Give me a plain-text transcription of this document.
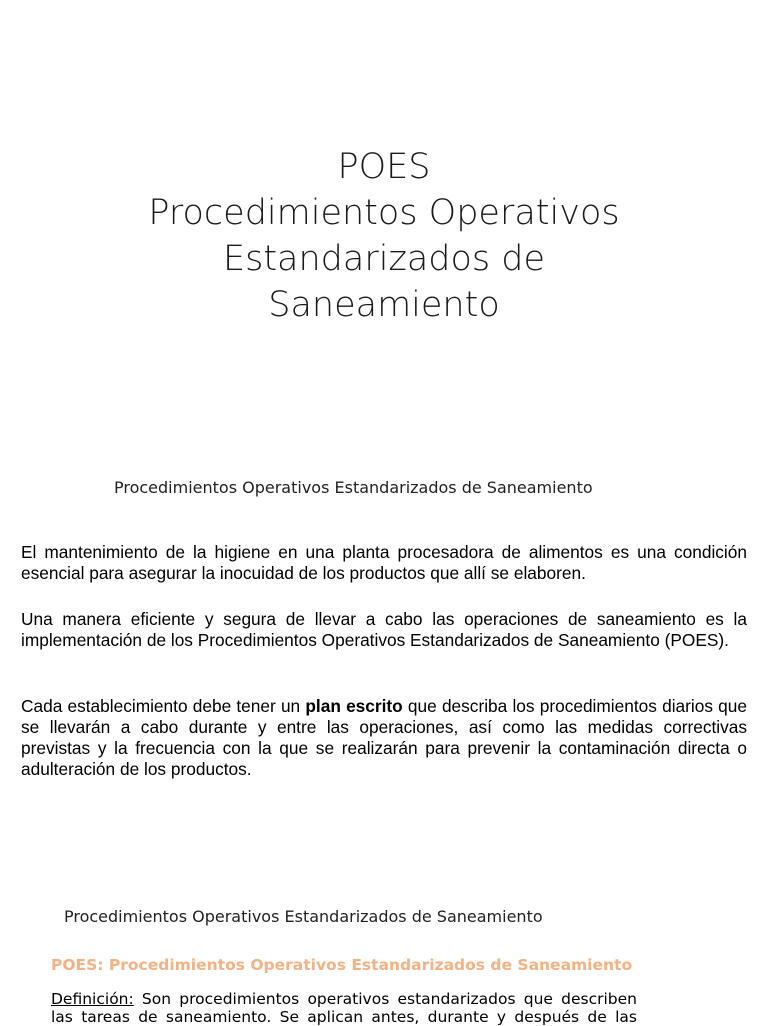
POES
Procedimientos Operativos
Estandarizados de
Saneamiento
Procedimientos Operativos Estandarizados de Saneamiento
El mantenimiento de la higiene en una planta procesadora de alimentos es una condición esencial para asegurar la inocuidad de los productos que allí se elaboren.
Una manera eficiente y segura de llevar a cabo las operaciones de saneamiento es la implementación de los Procedimientos Operativos Estandarizados de Saneamiento (POES).
Cada establecimiento debe tener un plan escrito que describa los procedimientos diarios que se llevarán a cabo durante y entre las operaciones, así como las medidas correctivas previstas y la frecuencia con la que se realizarán para prevenir la contaminación directa o adulteración de los productos.
Procedimientos Operativos Estandarizados de Saneamiento
POES: Procedimientos Operativos Estandarizados de Saneamiento
Definición: Son procedimientos operativos estandarizados que describen las tareas de saneamiento. Se aplican antes, durante y después de las
